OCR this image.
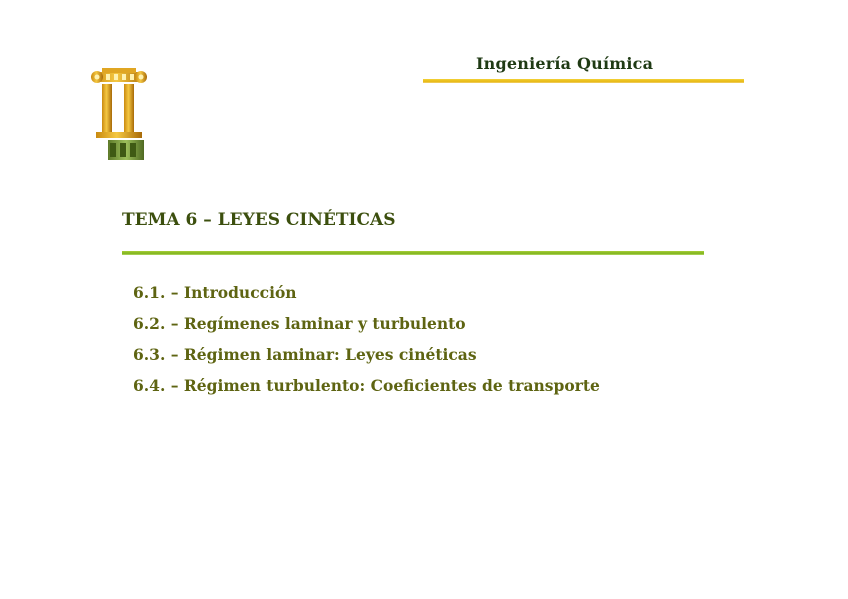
Ingeniería Química
TEMA 6 – LEYES CINÉTICAS
6.1. – Introducción
6.2. – Regímenes laminar y turbulento
6.3. – Régimen laminar: Leyes cinéticas
6.4. – Régimen turbulento: Coeficientes de transporte
